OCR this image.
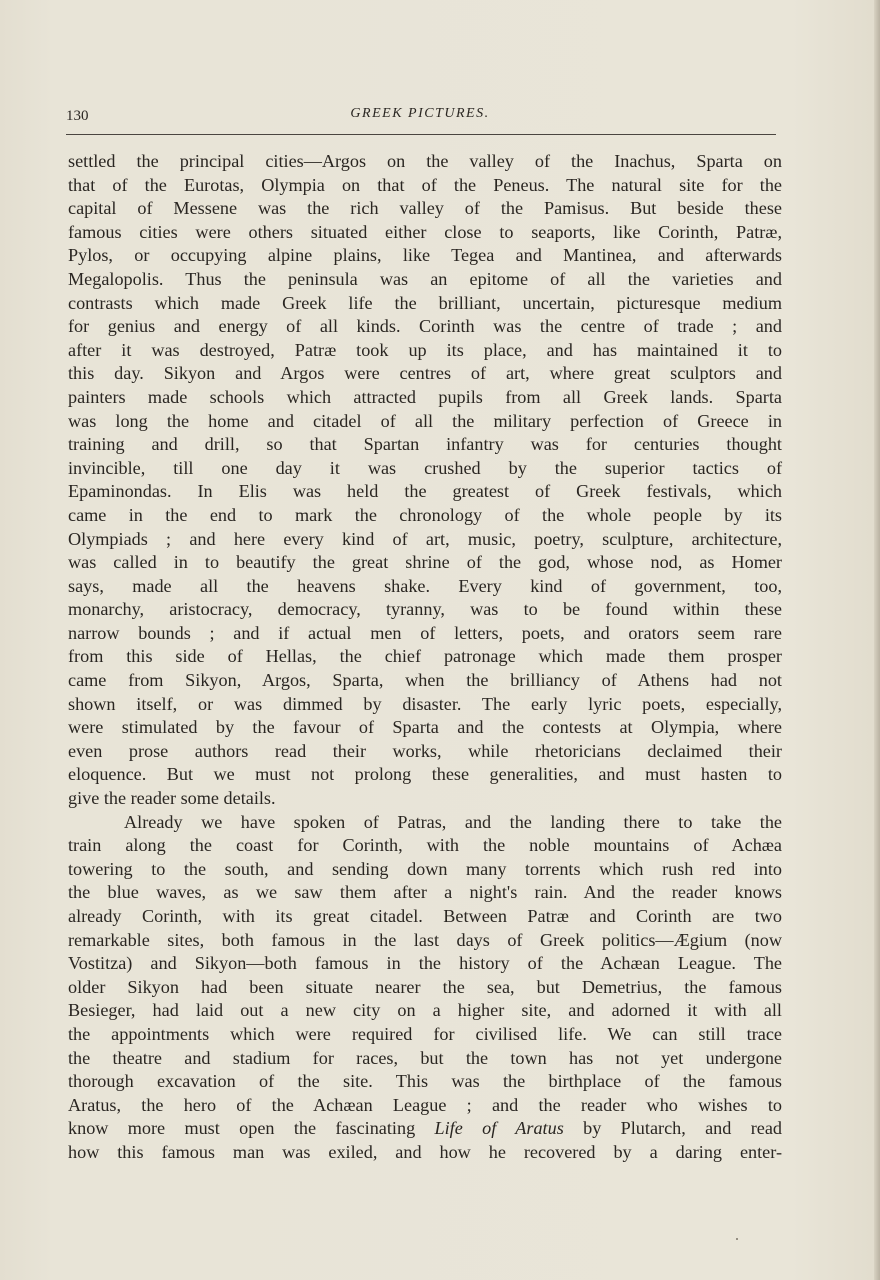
130	GREEK PICTURES.
settled the principal cities—Argos on the valley of the Inachus, Sparta on
that of the Eurotas, Olympia on that of the Peneus. The natural site for the
capital of Messene was the rich valley of the Pamisus. But beside these
famous cities were others situated either close to seaports, like Corinth, Patræ,
Pylos, or occupying alpine plains, like Tegea and Mantinea, and afterwards
Megalopolis. Thus the peninsula was an epitome of all the varieties and
contrasts which made Greek life the brilliant, uncertain, picturesque medium
for genius and energy of all kinds. Corinth was the centre of trade ; and
after it was destroyed, Patræ took up its place, and has maintained it to
this day. Sikyon and Argos were centres of art, where great sculptors and
painters made schools which attracted pupils from all Greek lands. Sparta
was long the home and citadel of all the military perfection of Greece in
training and drill, so that Spartan infantry was for centuries thought
invincible, till one day it was crushed by the superior tactics of
Epaminondas. In Elis was held the greatest of Greek festivals, which
came in the end to mark the chronology of the whole people by its
Olympiads ; and here every kind of art, music, poetry, sculpture, architecture,
was called in to beautify the great shrine of the god, whose nod, as Homer
says, made all the heavens shake. Every kind of government, too,
monarchy, aristocracy, democracy, tyranny, was to be found within these
narrow bounds ; and if actual men of letters, poets, and orators seem rare
from this side of Hellas, the chief patronage which made them prosper
came from Sikyon, Argos, Sparta, when the brilliancy of Athens had not
shown itself, or was dimmed by disaster. The early lyric poets, especially,
were stimulated by the favour of Sparta and the contests at Olympia, where
even prose authors read their works, while rhetoricians declaimed their
eloquence. But we must not prolong these generalities, and must hasten to
give the reader some details.
Already we have spoken of Patras, and the landing there to take the
train along the coast for Corinth, with the noble mountains of Achæa
towering to the south, and sending down many torrents which rush red into
the blue waves, as we saw them after a night's rain. And the reader knows
already Corinth, with its great citadel. Between Patræ and Corinth are two
remarkable sites, both famous in the last days of Greek politics—Ægium (now
Vostitza) and Sikyon—both famous in the history of the Achæan League. The
older Sikyon had been situate nearer the sea, but Demetrius, the famous
Besieger, had laid out a new city on a higher site, and adorned it with all
the appointments which were required for civilised life. We can still trace
the theatre and stadium for races, but the town has not yet undergone
thorough excavation of the site. This was the birthplace of the famous
Aratus, the hero of the Achæan League ; and the reader who wishes to
know more must open the fascinating Life of Aratus by Plutarch, and read
how this famous man was exiled, and how he recovered by a daring enter-
